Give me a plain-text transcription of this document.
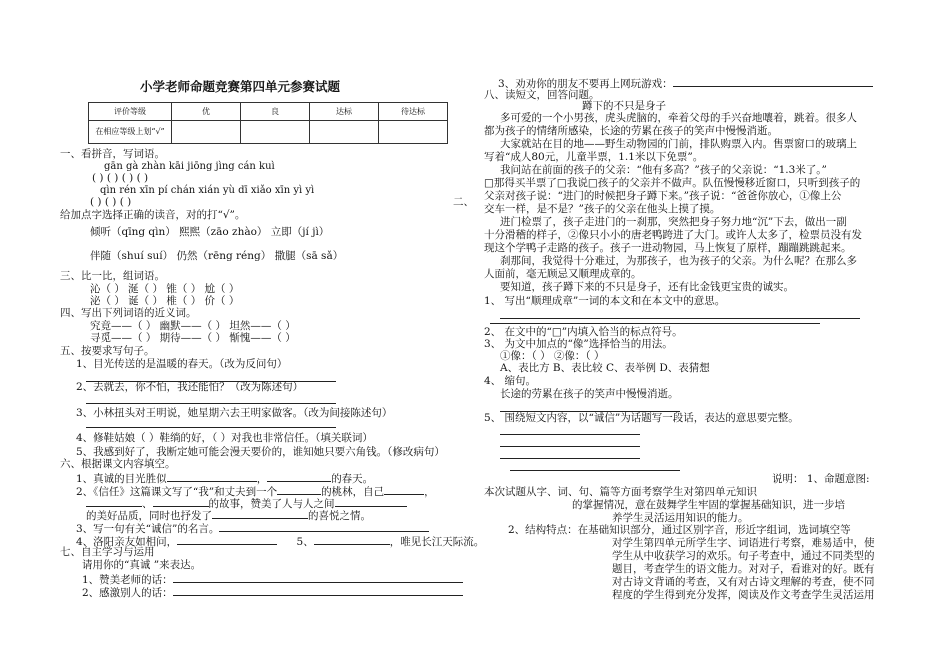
小学老师命题竞赛第四单元参赛试题
评价等级	优	良	达标	待达标
在相应等级上划“√”				
一、看拼音，写词语。
gān gà zhàn kāi jiōng jìng cán kuì
( ) ( ) ( ) ( )
qìn rén xīn pí chán xián yù dī xiǎo xīn yì yì
( ) ( ) ( )
给加点字选择正确的读音，对的打“√”。
倾听（qīng qìn） 熙熙（zāo zhào） 立即（jí jì）
伴随（shuí suí） 仍然（rēng réng） 撒腿（sā sǎ）
三、比一比，组词语。
沁（ ） 涎（ ） 锥（ ） 尬（ ）
泌（ ） 诞（ ） 椎（ ） 价（ ）
四、写出下列词语的近义词。
究竟——（ ） 幽默——（ ） 坦然——（ ）
寻觅——（ ） 期待——（ ） 惭愧——（ ）
五、按要求写句子。
1、目光传送的是温暖的春天。（改为反问句）
2、去就去，你不怕，我还能怕？（改为陈述句）
3、小林扭头对王明说，她星期六去王明家做客。（改为间接陈述句）
4、修鞋姑娘（ ）鞋绱的好，（ ）对我也非常信任。（填关联词）
5、我感到好了，我断定她可能会漫天要价的，谁知她只要六角钱。（修改病句）
六、根据课文内容填空。
1、真诚的目光胜似	，	的春天。
2、《信任》这篇课文写了“我”和丈夫到一个	的桃林，自己	，
、	的故事，赞美了人与人之间
的美好品质，同时也抒发了	的喜悦之情。
3、写一句有关“诚信”的名言。
4、洛阳亲友如相问，	5、	，唯见长江天际流。
七、自主学习与运用
请用你的“真诚 ”来表达。
1、赞美老师的话：
2、感激别人的话：
3、劝劝你的朋友不要再上网玩游戏：
八、读短文，回答问题。
蹲下的不只是身子
多可爱的一个小男孩，虎头虎脑的，牵着父母的手兴奋地嚷着，跳着。很多人
都为孩子的情绪所感染，长途的劳累在孩子的笑声中慢慢消逝。
大家就站在目的地——野生动物园的门前，排队购票入内。售票窗口的玻璃上
写着“成人80元，儿童半票，1.1米以下免票”。
我问站在前面的孩子的父亲：“他有多高？”孩子的父亲说：“1.3米了。”
□那得买半票了□我说□孩子的父亲并不做声。队伍慢慢移近窗口，只听到孩子的
父亲对孩子说：“进门的时候把身子蹲下来。”孩子说：“爸爸你放心，①像上公
二、
交车一样，是不是？”孩子的父亲在他头上摸了摸。
进门检票了，孩子走进门的一刹那，突然把身子努力地“沉”下去，做出一副
十分滑稽的样子，②像只小小的唐老鸭跨进了大门。或许人太多了，检票员没有发
现这个学鸭子走路的孩子。孩子一进动物园，马上恢复了原样，蹦蹦跳跳起来。
刹那间，我觉得十分难过，为那孩子，也为孩子的父亲。为什么呢？在那么多
人面前，毫无顾忌又顺理成章的。
要知道，孩子蹲下来的不只是身子，还有比金钱更宝贵的诚实。
1、 写出“顺理成章”一词的本文和在本文中的意思。
2、 在文中的“□”内填入恰当的标点符号。
3、 为文中加点的“像”选择恰当的用法。
①像：（ ） ②像：（ ）
A、表比方 B、表比较 C、表举例 D、表猜想
4、 缩句。
长途的劳累在孩子的笑声中慢慢消逝。
5、 围绕短文内容，以“诚信”为话题写一段话，表达的意思要完整。
说明： 1、命题意图:
本次试题从字、词、句、篇等方面考察学生对第四单元知识
的掌握情况，意在鼓舞学生牢固的掌握基础知识，进一步培
养学生灵活运用知识的能力。
2、结构特点：在基础知识部分，通过区别字音，形近字组词，选词填空等
对学生第四单元所学生字、词语进行考察，难易适中，使
学生从中收获学习的欢乐。句子考查中，通过不同类型的
题目，考查学生的语文能力。对对子，看谁对的好。既有
对古诗文背诵的考查，又有对古诗文理解的考查，使不同
程度的学生得到充分发挥，阅读及作文考查学生灵活运用
